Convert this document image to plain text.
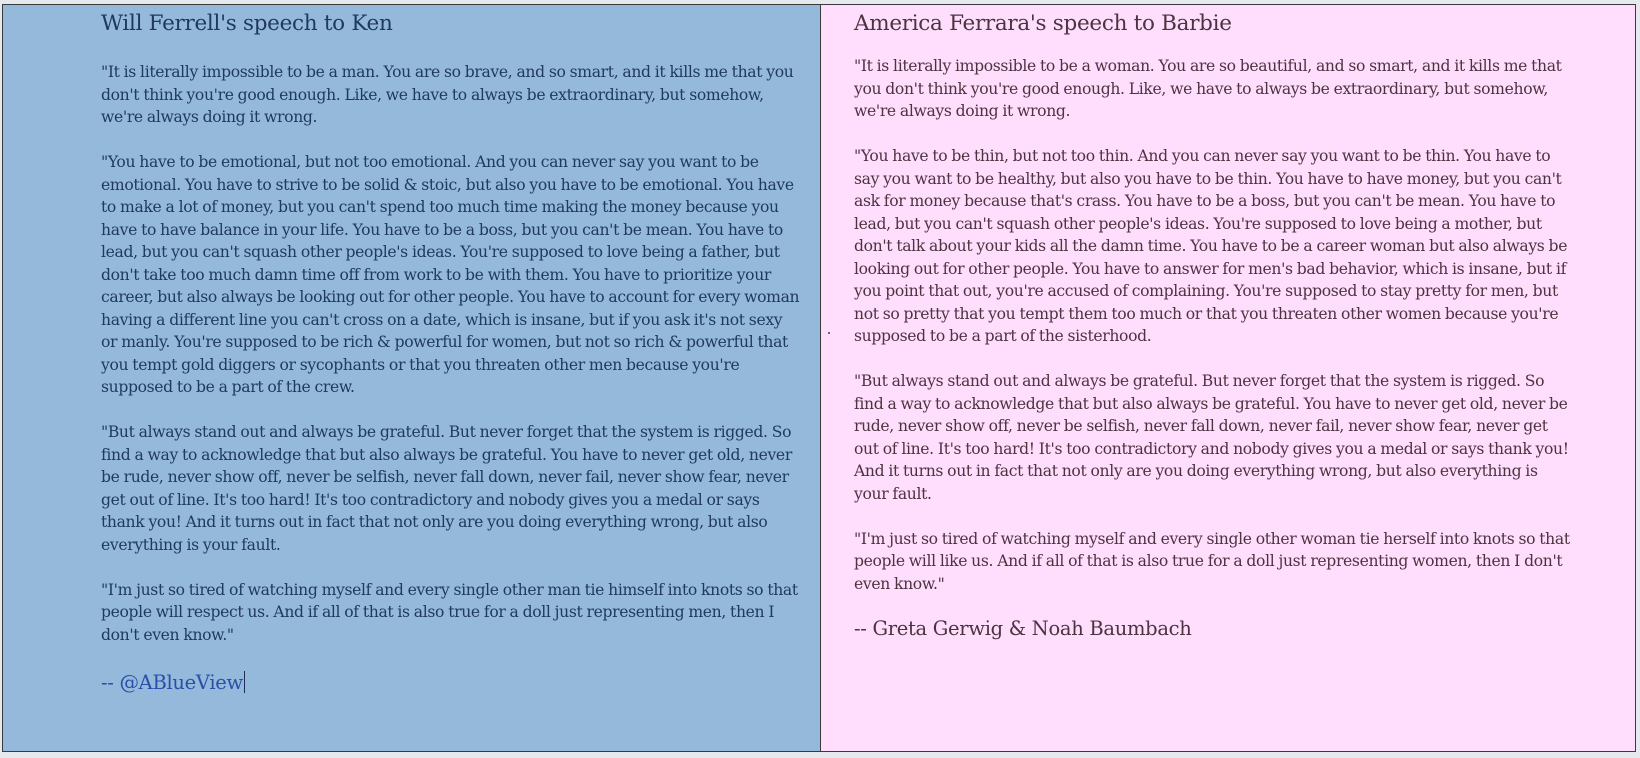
Will Ferrell's speech to Ken

"It is literally impossible to be a man. You are so brave, and so smart, and it kills me that you don't think you're good enough. Like, we have to always be extraordinary, but somehow, we're always doing it wrong.

"You have to be emotional, but not too emotional. And you can never say you want to be emotional. You have to strive to be solid & stoic, but also you have to be emotional. You have to make a lot of money, but you can't spend too much time making the money because you have to have balance in your life. You have to be a boss, but you can't be mean. You have to lead, but you can't squash other people's ideas. You're supposed to love being a father, but don't take too much damn time off from work to be with them. You have to prioritize your career, but also always be looking out for other people. You have to account for every woman having a different line you can't cross on a date, which is insane, but if you ask it's not sexy or manly. You're supposed to be rich & powerful for women, but not so rich & powerful that you tempt gold diggers or sycophants or that you threaten other men because you're supposed to be a part of the crew.

"But always stand out and always be grateful. But never forget that the system is rigged. So find a way to acknowledge that but also always be grateful. You have to never get old, never be rude, never show off, never be selfish, never fall down, never fail, never show fear, never get out of line. It's too hard! It's too contradictory and nobody gives you a medal or says thank you! And it turns out in fact that not only are you doing everything wrong, but also everything is your fault.

"I'm just so tired of watching myself and every single other man tie himself into knots so that people will respect us. And if all of that is also true for a doll just representing men, then I don't even know."

-- @ABlueView

America Ferrara's speech to Barbie

"It is literally impossible to be a woman. You are so beautiful, and so smart, and it kills me that you don't think you're good enough. Like, we have to always be extraordinary, but somehow, we're always doing it wrong.

"You have to be thin, but not too thin. And you can never say you want to be thin. You have to say you want to be healthy, but also you have to be thin. You have to have money, but you can't ask for money because that's crass. You have to be a boss, but you can't be mean. You have to lead, but you can't squash other people's ideas. You're supposed to love being a mother, but don't talk about your kids all the damn time. You have to be a career woman but also always be looking out for other people. You have to answer for men's bad behavior, which is insane, but if you point that out, you're accused of complaining. You're supposed to stay pretty for men, but not so pretty that you tempt them too much or that you threaten other women because you're supposed to be a part of the sisterhood.

"But always stand out and always be grateful. But never forget that the system is rigged. So find a way to acknowledge that but also always be grateful. You have to never get old, never be rude, never show off, never be selfish, never fall down, never fail, never show fear, never get out of line. It's too hard! It's too contradictory and nobody gives you a medal or says thank you! And it turns out in fact that not only are you doing everything wrong, but also everything is your fault.

"I'm just so tired of watching myself and every single other woman tie herself into knots so that people will like us. And if all of that is also true for a doll just representing women, then I don't even know."

-- Greta Gerwig & Noah Baumbach
